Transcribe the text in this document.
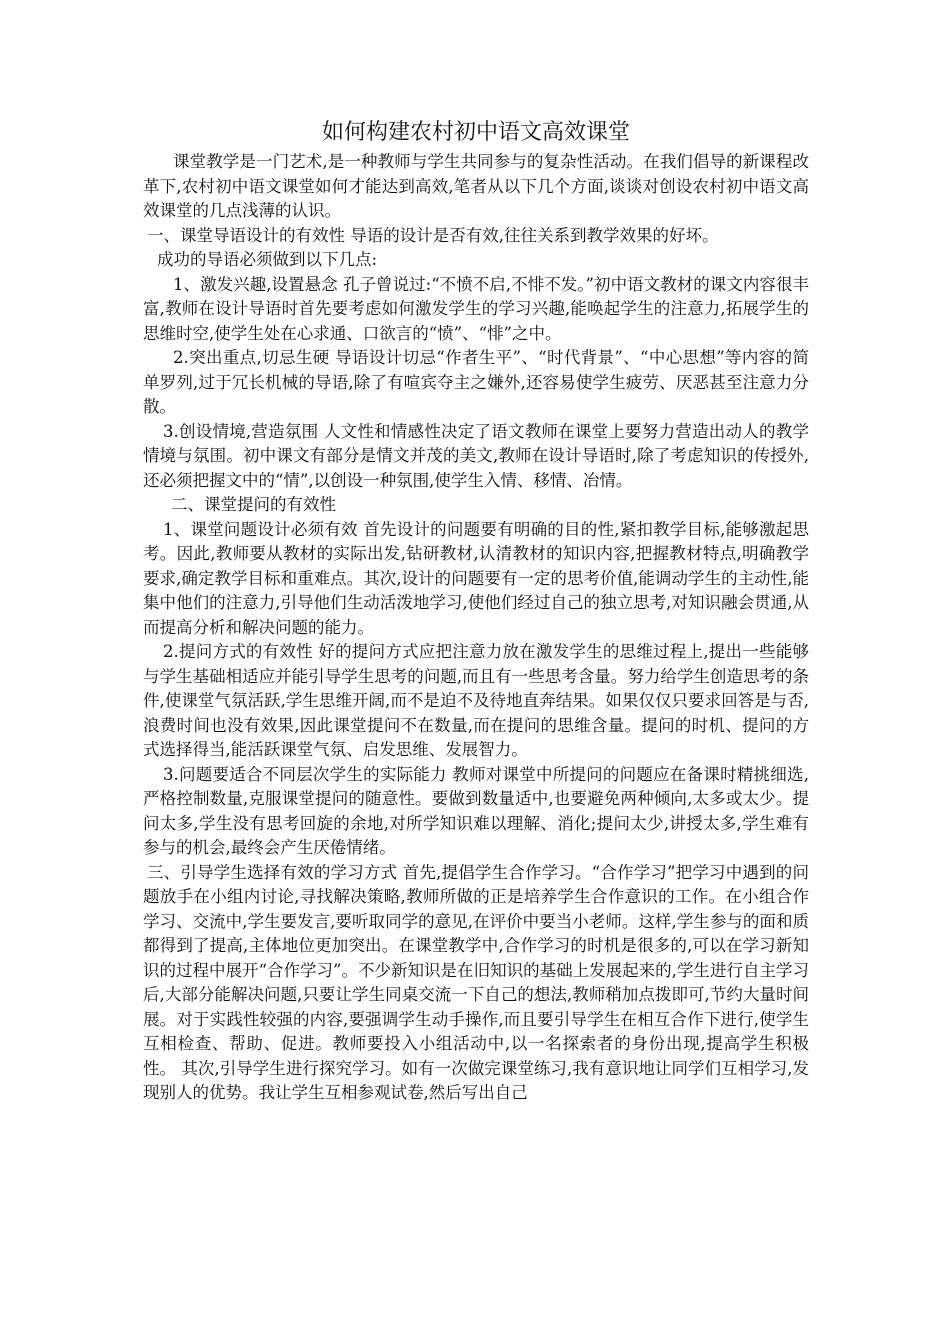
如何构建农村初中语文高效课堂

课堂教学是一门艺术,是一种教师与学生共同参与的复杂性活动。在我们倡导的新课程改革下,农村初中语文课堂如何才能达到高效,笔者从以下几个方面,谈谈对创设农村初中语文高效课堂的几点浅薄的认识。

一、课堂导语设计的有效性 导语的设计是否有效,往往关系到教学效果的好坏。

成功的导语必须做到以下几点:

1、激发兴趣,设置悬念 孔子曾说过:“不愤不启,不悱不发。”初中语文教材的课文内容很丰富,教师在设计导语时首先要考虑如何激发学生的学习兴趣,能唤起学生的注意力,拓展学生的思维时空,使学生处在心求通、口欲言的“愤”、“悱”之中。

2.突出重点,切忌生硬 导语设计切忌“作者生平”、“时代背景”、“中心思想”等内容的简单罗列,过于冗长机械的导语,除了有喧宾夺主之嫌外,还容易使学生疲劳、厌恶甚至注意力分散。

3.创设情境,营造氛围 人文性和情感性决定了语文教师在课堂上要努力营造出动人的教学情境与氛围。初中课文有部分是情文并茂的美文,教师在设计导语时,除了考虑知识的传授外,还必须把握文中的“情”,以创设一种氛围,使学生入情、移情、冶情。

二、课堂提问的有效性

1、课堂问题设计必须有效 首先设计的问题要有明确的目的性,紧扣教学目标,能够激起思考。因此,教师要从教材的实际出发,钻研教材,认清教材的知识内容,把握教材特点,明确教学要求,确定教学目标和重难点。其次,设计的问题要有一定的思考价值,能调动学生的主动性,能集中他们的注意力,引导他们生动活泼地学习,使他们经过自己的独立思考,对知识融会贯通,从而提高分析和解决问题的能力。

2.提问方式的有效性 好的提问方式应把注意力放在激发学生的思维过程上,提出一些能够与学生基础相适应并能引导学生思考的问题,而且有一些思考含量。努力给学生创造思考的条件,使课堂气氛活跃,学生思维开阔,而不是迫不及待地直奔结果。如果仅仅只要求回答是与否,浪费时间也没有效果,因此课堂提问不在数量,而在提问的思维含量。提问的时机、提问的方式选择得当,能活跃课堂气氛、启发思维、发展智力。

3.问题要适合不同层次学生的实际能力 教师对课堂中所提问的问题应在备课时精挑细选,严格控制数量,克服课堂提问的随意性。要做到数量适中,也要避免两种倾向,太多或太少。提问太多,学生没有思考回旋的余地,对所学知识难以理解、消化;提问太少,讲授太多,学生难有参与的机会,最终会产生厌倦情绪。

三、引导学生选择有效的学习方式 首先,提倡学生合作学习。“合作学习”把学习中遇到的问题放手在小组内讨论,寻找解决策略,教师所做的正是培养学生合作意识的工作。在小组合作学习、交流中,学生要发言,要听取同学的意见,在评价中要当小老师。这样,学生参与的面和质都得到了提高,主体地位更加突出。在课堂教学中,合作学习的时机是很多的,可以在学习新知识的过程中展开“合作学习”。不少新知识是在旧知识的基础上发展起来的,学生进行自主学习后,大部分能解决问题,只要让学生同桌交流一下自己的想法,教师稍加点拨即可,节约大量时间展。对于实践性较强的内容,要强调学生动手操作,而且要引导学生在相互合作下进行,使学生互相检查、帮助、促进。教师要投入小组活动中,以一名探索者的身份出现,提高学生积极性。 其次,引导学生进行探究学习。如有一次做完课堂练习,我有意识地让同学们互相学习,发现别人的优势。我让学生互相参观试卷,然后写出自己
